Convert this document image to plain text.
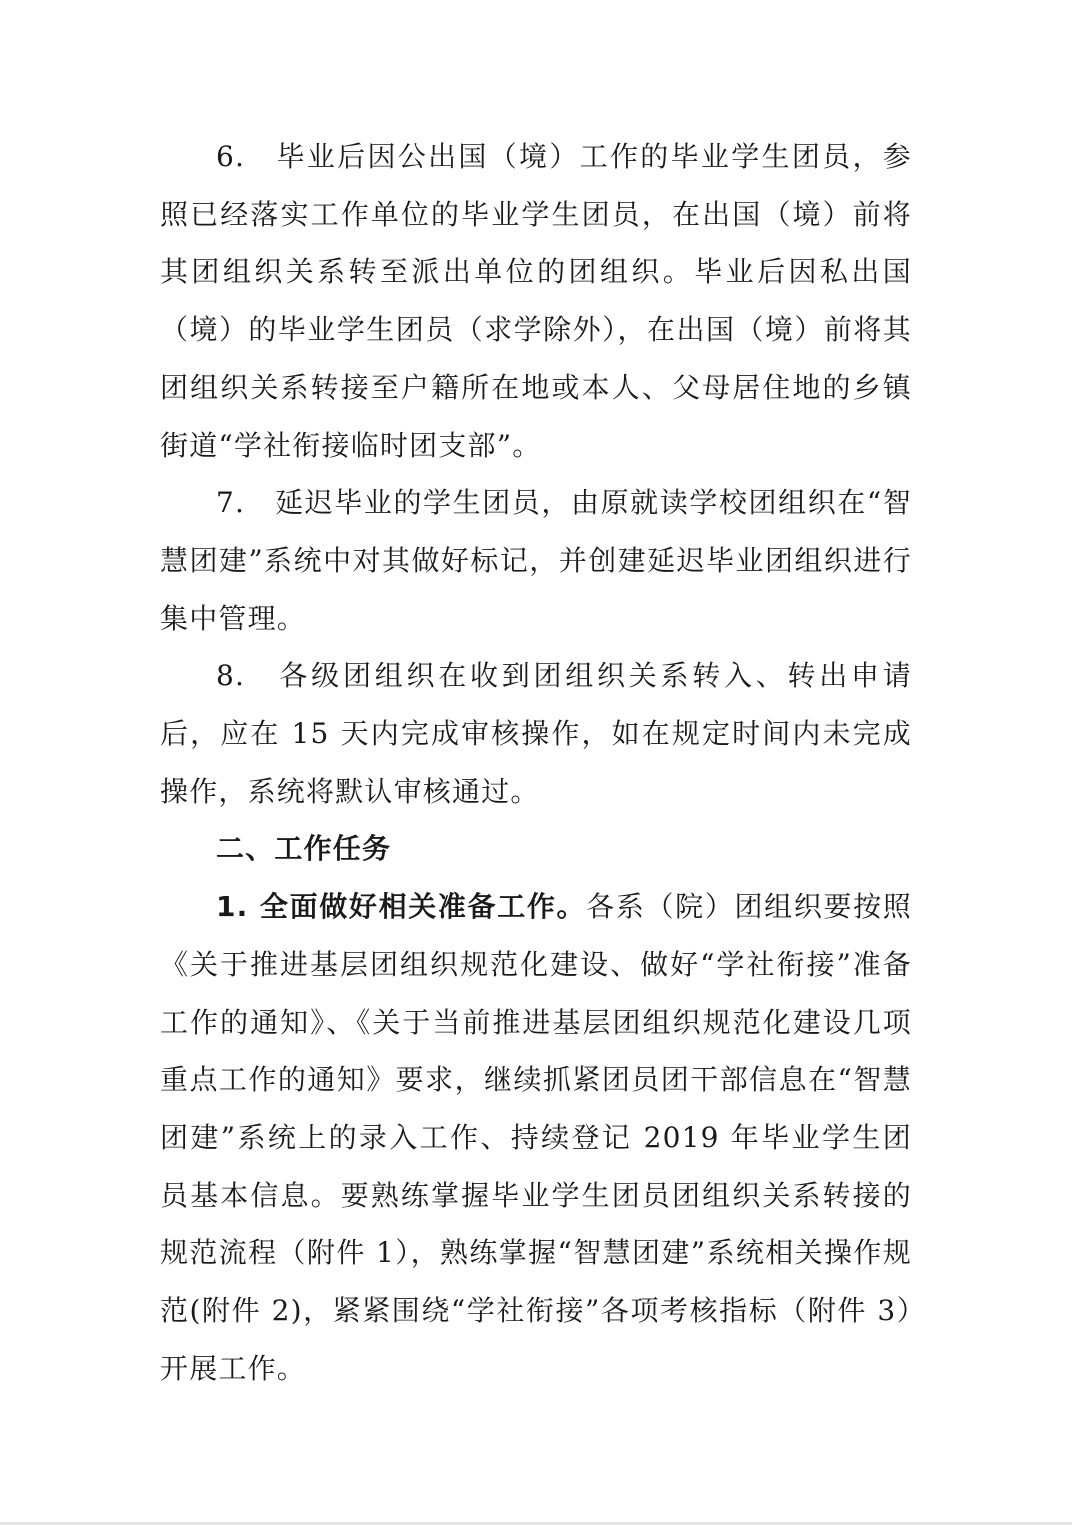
6.　毕业后因公出国（境）工作的毕业学生团员，参照已经落实工作单位的毕业学生团员，在出国（境）前将其团组织关系转至派出单位的团组织。毕业后因私出国（境）的毕业学生团员（求学除外），在出国（境）前将其团组织关系转接至户籍所在地或本人、父母居住地的乡镇街道“学社衔接临时团支部”。

7.　延迟毕业的学生团员，由原就读学校团组织在“智慧团建”系统中对其做好标记，并创建延迟毕业团组织进行集中管理。

8.　各级团组织在收到团组织关系转入、转出申请后，应在 15 天内完成审核操作，如在规定时间内未完成操作，系统将默认审核通过。

二、工作任务

1. 全面做好相关准备工作。各系（院）团组织要按照《关于推进基层团组织规范化建设、做好“学社衔接”准备工作的通知》、《关于当前推进基层团组织规范化建设几项重点工作的通知》要求，继续抓紧团员团干部信息在“智慧团建”系统上的录入工作、持续登记 2019 年毕业学生团员基本信息。要熟练掌握毕业学生团员团组织关系转接的规范流程（附件 1），熟练掌握“智慧团建”系统相关操作规范(附件 2)，紧紧围绕“学社衔接”各项考核指标（附件 3）开展工作。
